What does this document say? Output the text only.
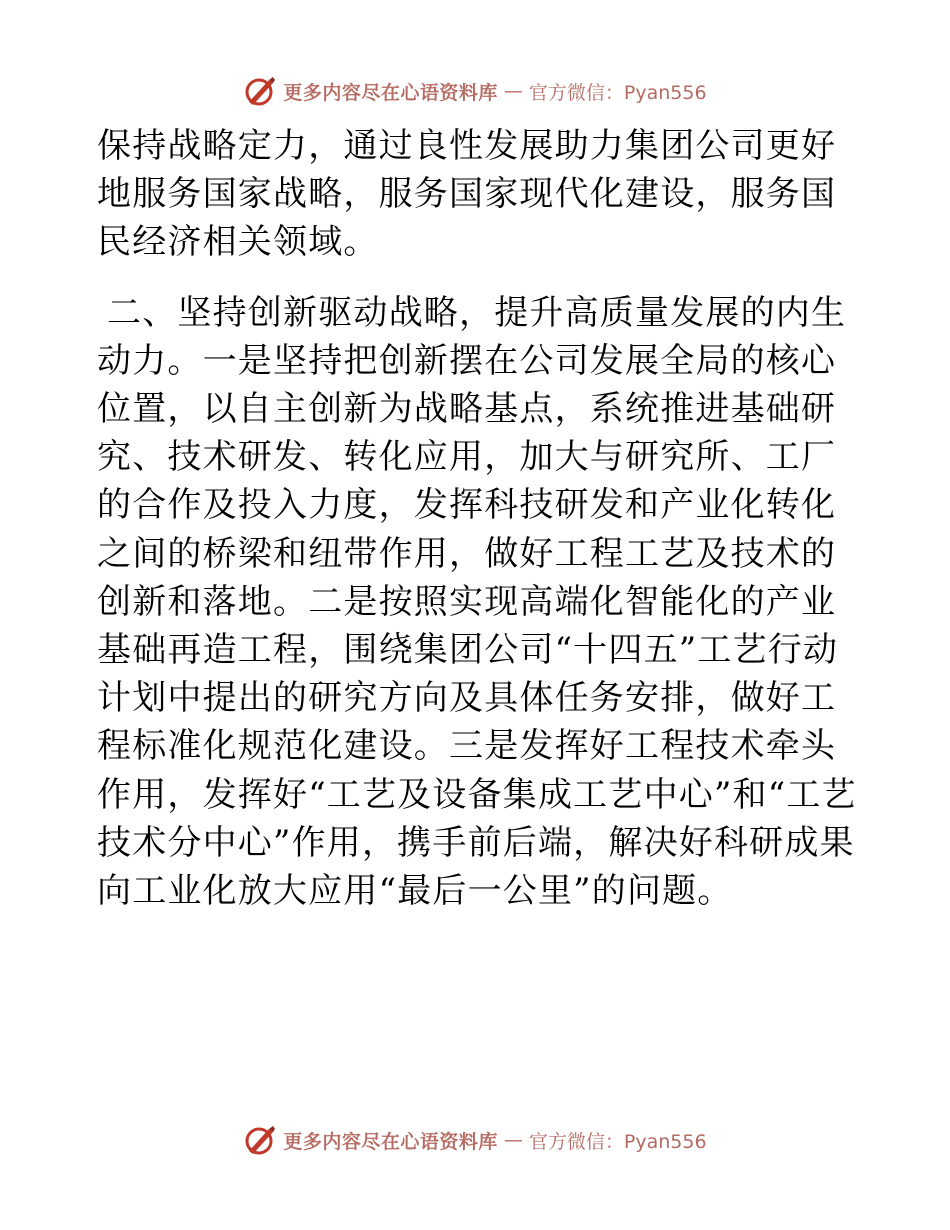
更多内容尽在心语资料库 — 官方微信：Pyan556

保持战略定力，通过良性发展助力集团公司更好地服务国家战略，服务国家现代化建设，服务国民经济相关领域。

二、坚持创新驱动战略，提升高质量发展的内生动力。一是坚持把创新摆在公司发展全局的核心位置，以自主创新为战略基点，系统推进基础研究、技术研发、转化应用，加大与研究所、工厂的合作及投入力度，发挥科技研发和产业化转化之间的桥梁和纽带作用，做好工程工艺及技术的创新和落地。二是按照实现高端化智能化的产业基础再造工程，围绕集团公司“十四五”工艺行动计划中提出的研究方向及具体任务安排，做好工程标准化规范化建设。三是发挥好工程技术牵头作用，发挥好“工艺及设备集成工艺中心”和“工艺技术分中心”作用，携手前后端，解决好科研成果向工业化放大应用“最后一公里”的问题。

更多内容尽在心语资料库 — 官方微信：Pyan556
